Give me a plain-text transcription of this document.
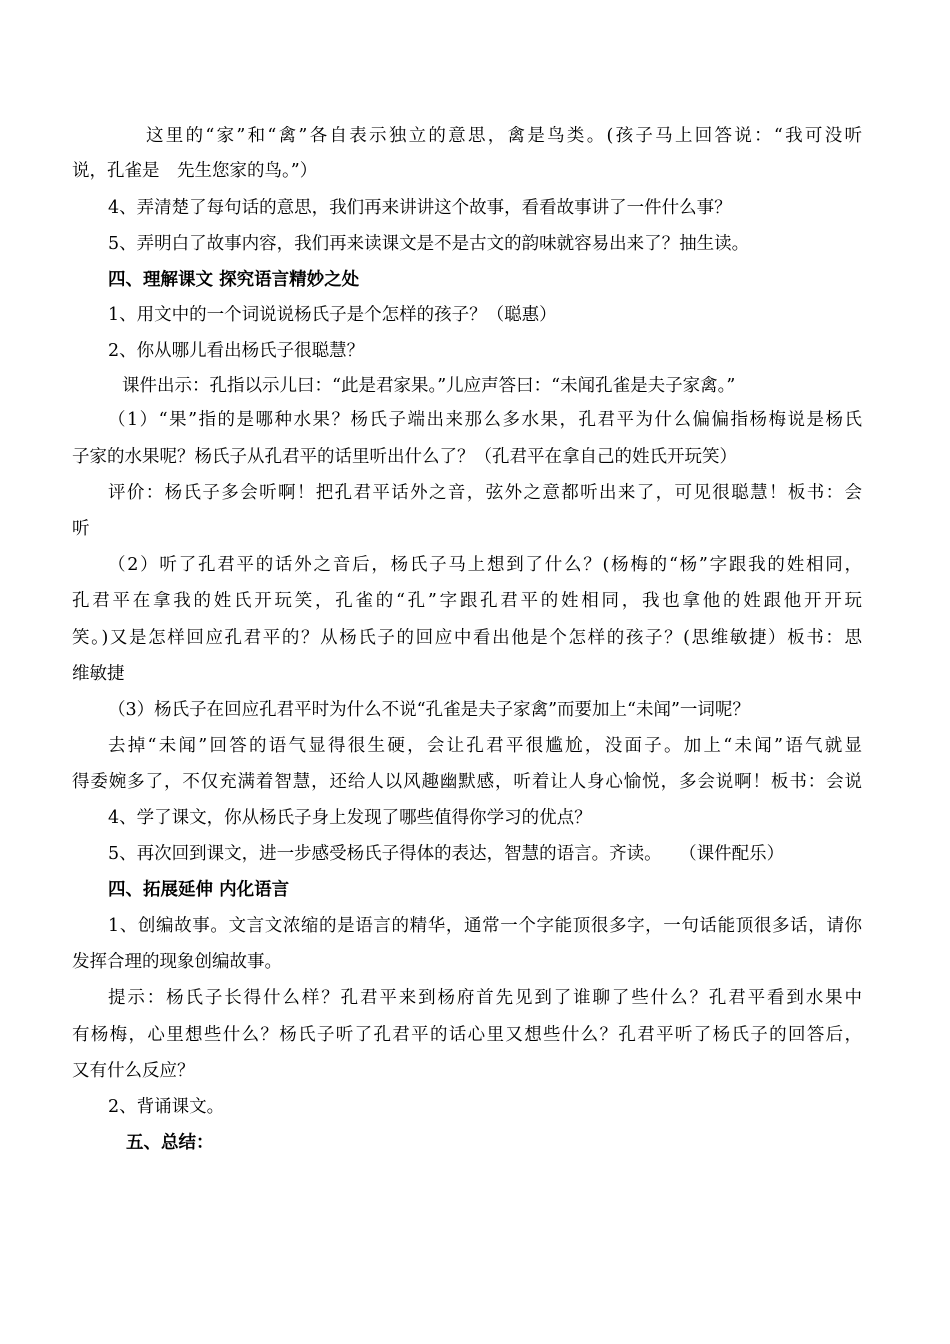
这里的“家”和“禽”各自表示独立的意思，禽是鸟类。(孩子马上回答说：“我可没听
说，孔雀是　先生您家的鸟。”）
4、弄清楚了每句话的意思，我们再来讲讲这个故事，看看故事讲了一件什么事？
5、弄明白了故事内容，我们再来读课文是不是古文的韵味就容易出来了？抽生读。
四、理解课文 探究语言精妙之处
1、用文中的一个词说说杨氏子是个怎样的孩子？（聪惠）
2、你从哪儿看出杨氏子很聪慧？
课件出示：孔指以示儿曰：“此是君家果。”儿应声答曰：“未闻孔雀是夫子家禽。”
（1）“果”指的是哪种水果？杨氏子端出来那么多水果，孔君平为什么偏偏指杨梅说是杨氏
子家的水果呢？杨氏子从孔君平的话里听出什么了？（孔君平在拿自己的姓氏开玩笑）
评价：杨氏子多会听啊！把孔君平话外之音，弦外之意都听出来了，可见很聪慧！板书：会
听
（2）听了孔君平的话外之音后，杨氏子马上想到了什么？(杨梅的“杨”字跟我的姓相同，
孔君平在拿我的姓氏开玩笑，孔雀的“孔”字跟孔君平的姓相同，我也拿他的姓跟他开开玩
笑。)又是怎样回应孔君平的？从杨氏子的回应中看出他是个怎样的孩子？(思维敏捷）板书：思
维敏捷
（3）杨氏子在回应孔君平时为什么不说“孔雀是夫子家禽”而要加上“未闻”一词呢？
去掉“未闻”回答的语气显得很生硬，会让孔君平很尴尬，没面子。加上“未闻”语气就显
得委婉多了，不仅充满着智慧，还给人以风趣幽默感，听着让人身心愉悦，多会说啊！板书：会说
4、学了课文，你从杨氏子身上发现了哪些值得你学习的优点？
5、再次回到课文，进一步感受杨氏子得体的表达，智慧的语言。齐读。　　（课件配乐）
四、拓展延伸 内化语言
1、创编故事。文言文浓缩的是语言的精华，通常一个字能顶很多字，一句话能顶很多话，请你
发挥合理的现象创编故事。
提示：杨氏子长得什么样？孔君平来到杨府首先见到了谁聊了些什么？孔君平看到水果中
有杨梅，心里想些什么？杨氏子听了孔君平的话心里又想些什么？孔君平听了杨氏子的回答后，
又有什么反应？
2、背诵课文。
五、总结：
